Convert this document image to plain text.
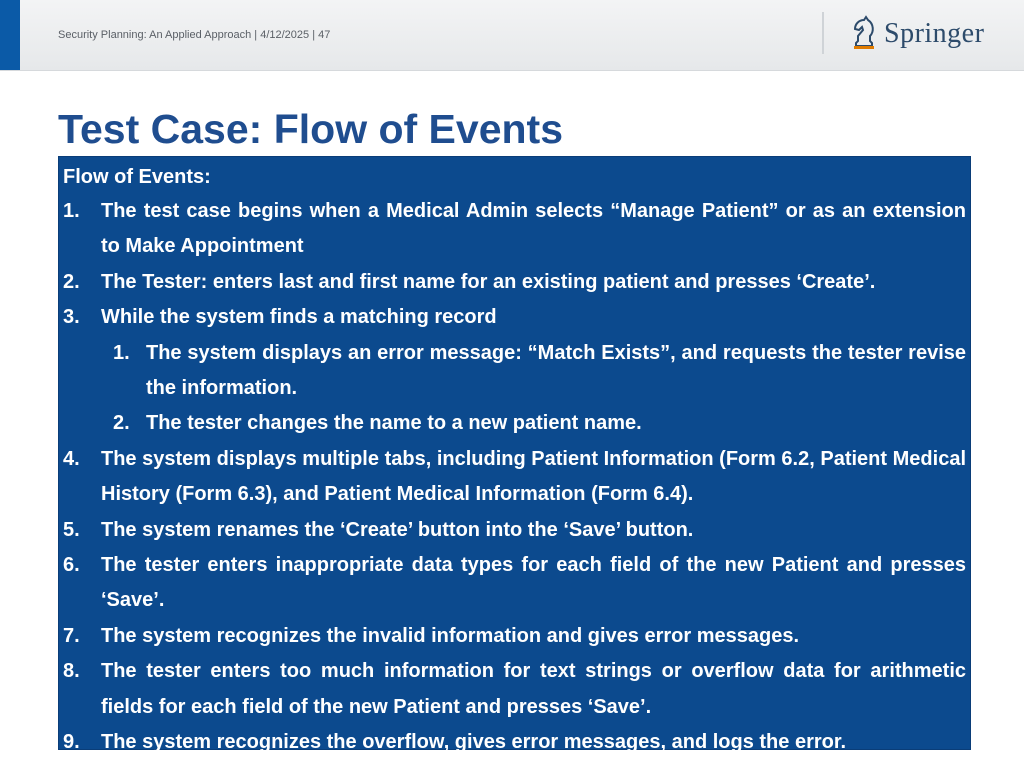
Security Planning: An Applied Approach | 4/12/2025 | 47	Springer
Test Case: Flow of Events
Flow of Events:
1.	The test case begins when a Medical Admin selects “Manage Patient” or as an extension to Make Appointment
2.	The Tester: enters last and first name for an existing patient and presses ‘Create’.
3.	While the system finds a matching record
1. The system displays an error message: “Match Exists”, and requests the tester revise the information.
2. The tester changes the name to a new patient name.
4.	The system displays multiple tabs, including Patient Information (Form 6.2, Patient Medical History (Form 6.3), and Patient Medical Information (Form 6.4).
5.	The system renames the ‘Create’ button into the ‘Save’ button.
6.	The tester enters inappropriate data types for each field of the new Patient and presses ‘Save’.
7.	The system recognizes the invalid information and gives error messages.
8.	The tester enters too much information for text strings or overflow data for arithmetic fields for each field of the new Patient and presses ‘Save’.
9.	The system recognizes the overflow, gives error messages, and logs the error.
